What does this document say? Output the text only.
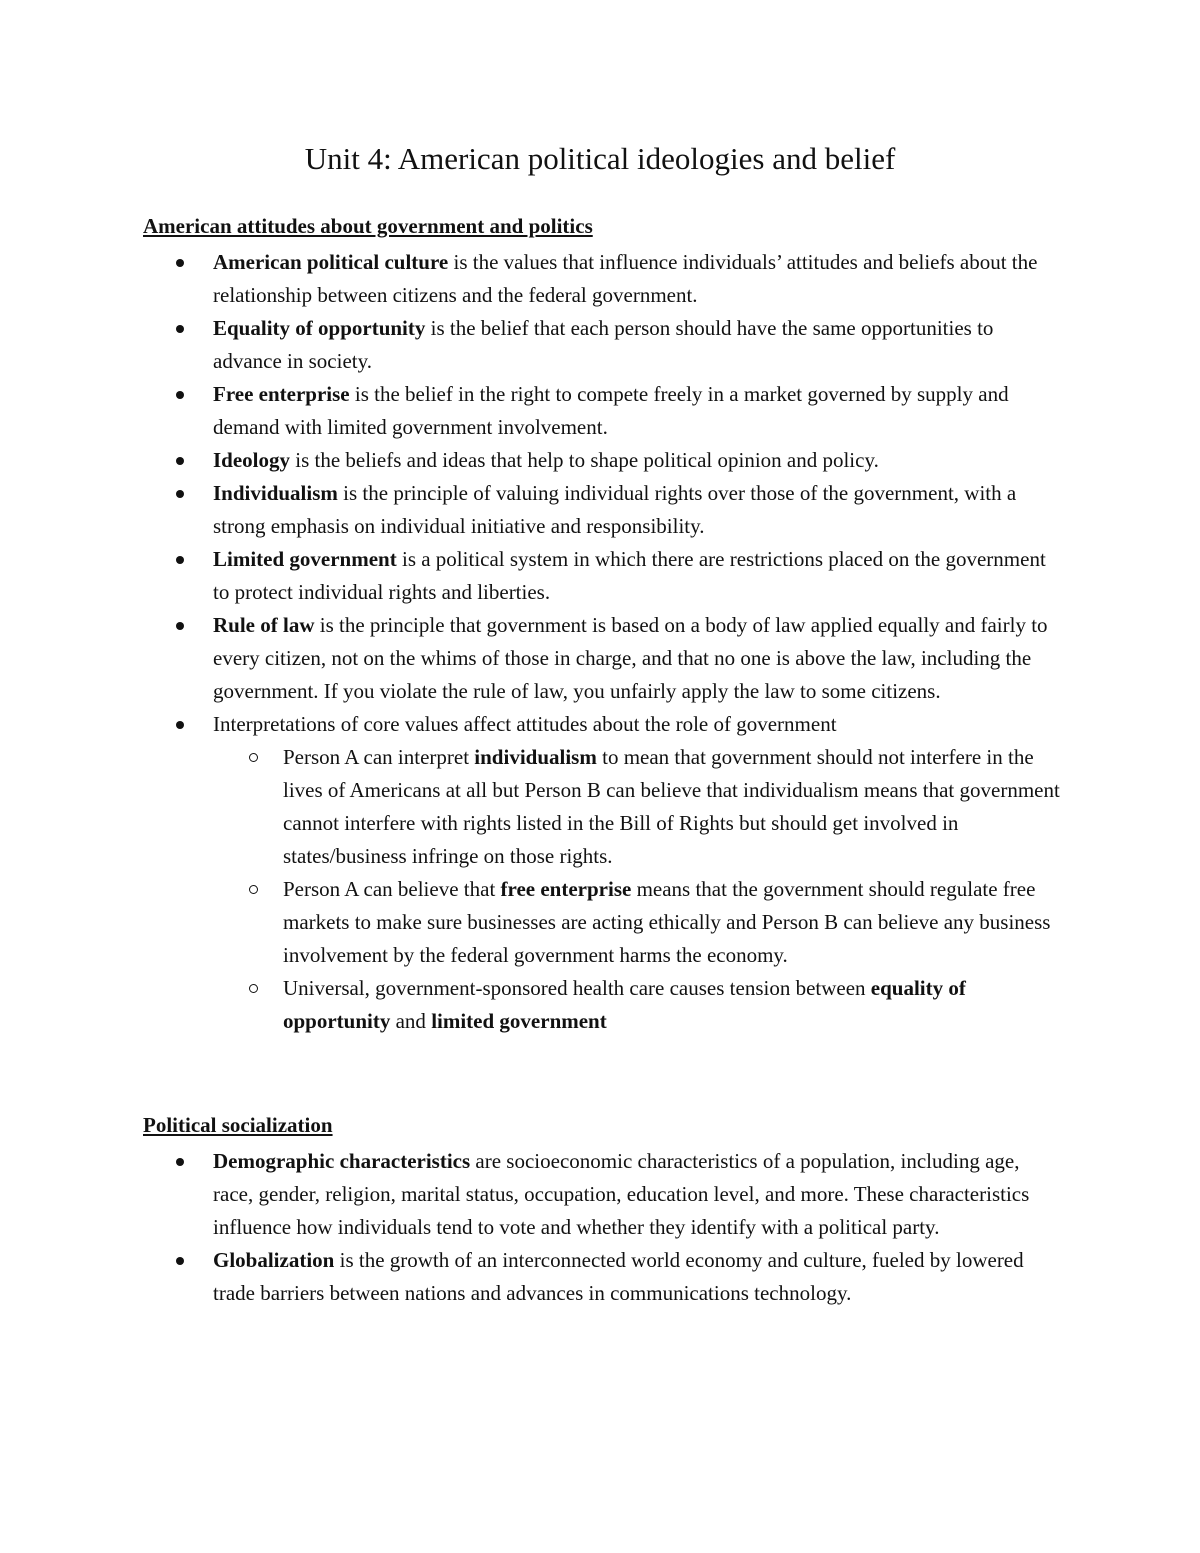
Unit 4: American political ideologies and belief
American attitudes about government and politics
American political culture is the values that influence individuals’ attitudes and beliefs about the relationship between citizens and the federal government.
Equality of opportunity is the belief that each person should have the same opportunities to advance in society.
Free enterprise is the belief in the right to compete freely in a market governed by supply and demand with limited government involvement.
Ideology is the beliefs and ideas that help to shape political opinion and policy.
Individualism is the principle of valuing individual rights over those of the government, with a strong emphasis on individual initiative and responsibility.
Limited government is a political system in which there are restrictions placed on the government to protect individual rights and liberties.
Rule of law is the principle that government is based on a body of law applied equally and fairly to every citizen, not on the whims of those in charge, and that no one is above the law, including the government. If you violate the rule of law, you unfairly apply the law to some citizens.
Interpretations of core values affect attitudes about the role of government
Person A can interpret individualism to mean that government should not interfere in the lives of Americans at all but Person B can believe that individualism means that government cannot interfere with rights listed in the Bill of Rights but should get involved in states/business infringe on those rights.
Person A can believe that free enterprise means that the government should regulate free markets to make sure businesses are acting ethically and Person B can believe any business involvement by the federal government harms the economy.
Universal, government-sponsored health care causes tension between equality of opportunity and limited government
Political socialization
Demographic characteristics are socioeconomic characteristics of a population, including age, race, gender, religion, marital status, occupation, education level, and more. These characteristics influence how individuals tend to vote and whether they identify with a political party.
Globalization is the growth of an interconnected world economy and culture, fueled by lowered trade barriers between nations and advances in communications technology.
